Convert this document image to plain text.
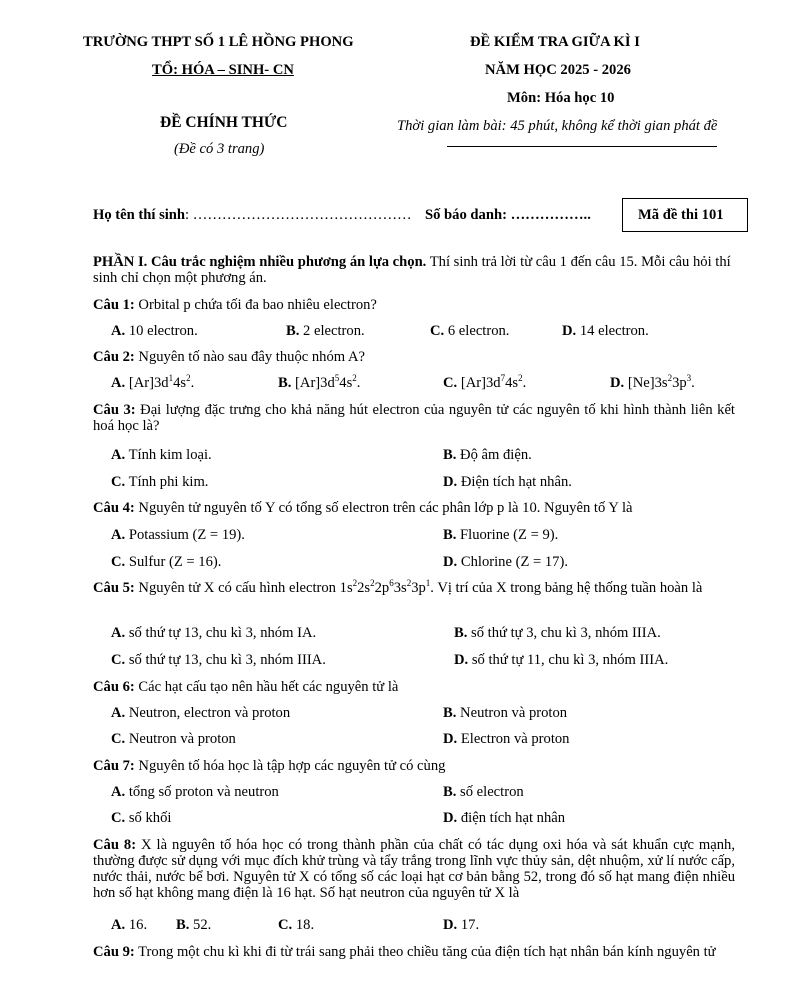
TRƯỜNG THPT SỐ 1 LÊ HỒNG PHONG
TỔ: HÓA – SINH- CN
ĐỀ CHÍNH THỨC
(Đề có 3 trang)
ĐỀ KIỂM TRA GIỮA KÌ I
NĂM HỌC 2025 - 2026
Môn: Hóa học 10
Thời gian làm bài: 45 phút, không kể thời gian phát đề
Họ tên thí sinh: ……………………………………… Số báo danh: ……………..	Mã đề thi 101
PHẦN I. Câu trắc nghiệm nhiều phương án lựa chọn. Thí sinh trả lời từ câu 1 đến câu 15. Mỗi câu hỏi thí sinh chỉ chọn một phương án.
Câu 1: Orbital p chứa tối đa bao nhiêu electron?
A. 10 electron.	B. 2 electron.	C. 6 electron.	D. 14 electron.
Câu 2: Nguyên tố nào sau đây thuộc nhóm A?
A. $[Ar]3d^14s^2$.	B. $[Ar]3d^54s^2$.	C. $[Ar]3d^74s^2$.	D. $[Ne]3s^23p^3$.
Câu 3: Đại lượng đặc trưng cho khả năng hút electron của nguyên tử các nguyên tố khi hình thành liên kết hoá học là?
A. Tính kim loại.	B. Độ âm điện.
C. Tính phi kim.	D. Điện tích hạt nhân.
Câu 4: Nguyên tử nguyên tố Y có tổng số electron trên các phân lớp p là 10. Nguyên tố Y là
A. Potassium (Z = 19).	B. Fluorine (Z = 9).
C. Sulfur (Z = 16).	D. Chlorine (Z = 17).
Câu 5: Nguyên tử X có cấu hình electron $1s^22s^22p^63s^23p^1$. Vị trí của X trong bảng hệ thống tuần hoàn là
A. số thứ tự 13, chu kì 3, nhóm IA.	B. số thứ tự 3, chu kì 3, nhóm IIIA.
C. số thứ tự 13, chu kì 3, nhóm IIIA.	D. số thứ tự 11, chu kì 3, nhóm IIIA.
Câu 6: Các hạt cấu tạo nên hầu hết các nguyên tử là
A. Neutron, electron và proton	B. Neutron và proton
C. Neutron và proton	D. Electron và proton
Câu 7: Nguyên tố hóa học là tập hợp các nguyên tử có cùng
A. tổng số proton và neutron	B. số electron
C. số khối	D. điện tích hạt nhân
Câu 8: X là nguyên tố hóa học có trong thành phần của chất có tác dụng oxi hóa và sát khuẩn cực mạnh, thường được sử dụng với mục đích khử trùng và tẩy trắng trong lĩnh vực thủy sản, dệt nhuộm, xử lí nước cấp, nước thải, nước bể bơi. Nguyên tử X có tổng số các loại hạt cơ bản bằng 52, trong đó số hạt mang điện nhiều hơn số hạt không mang điện là 16 hạt. Số hạt neutron của nguyên tử X là
A. 16. B. 52.	C. 18.	D. 17.
Câu 9: Trong một chu kì khi đi từ trái sang phải theo chiều tăng của điện tích hạt nhân bán kính nguyên tử
